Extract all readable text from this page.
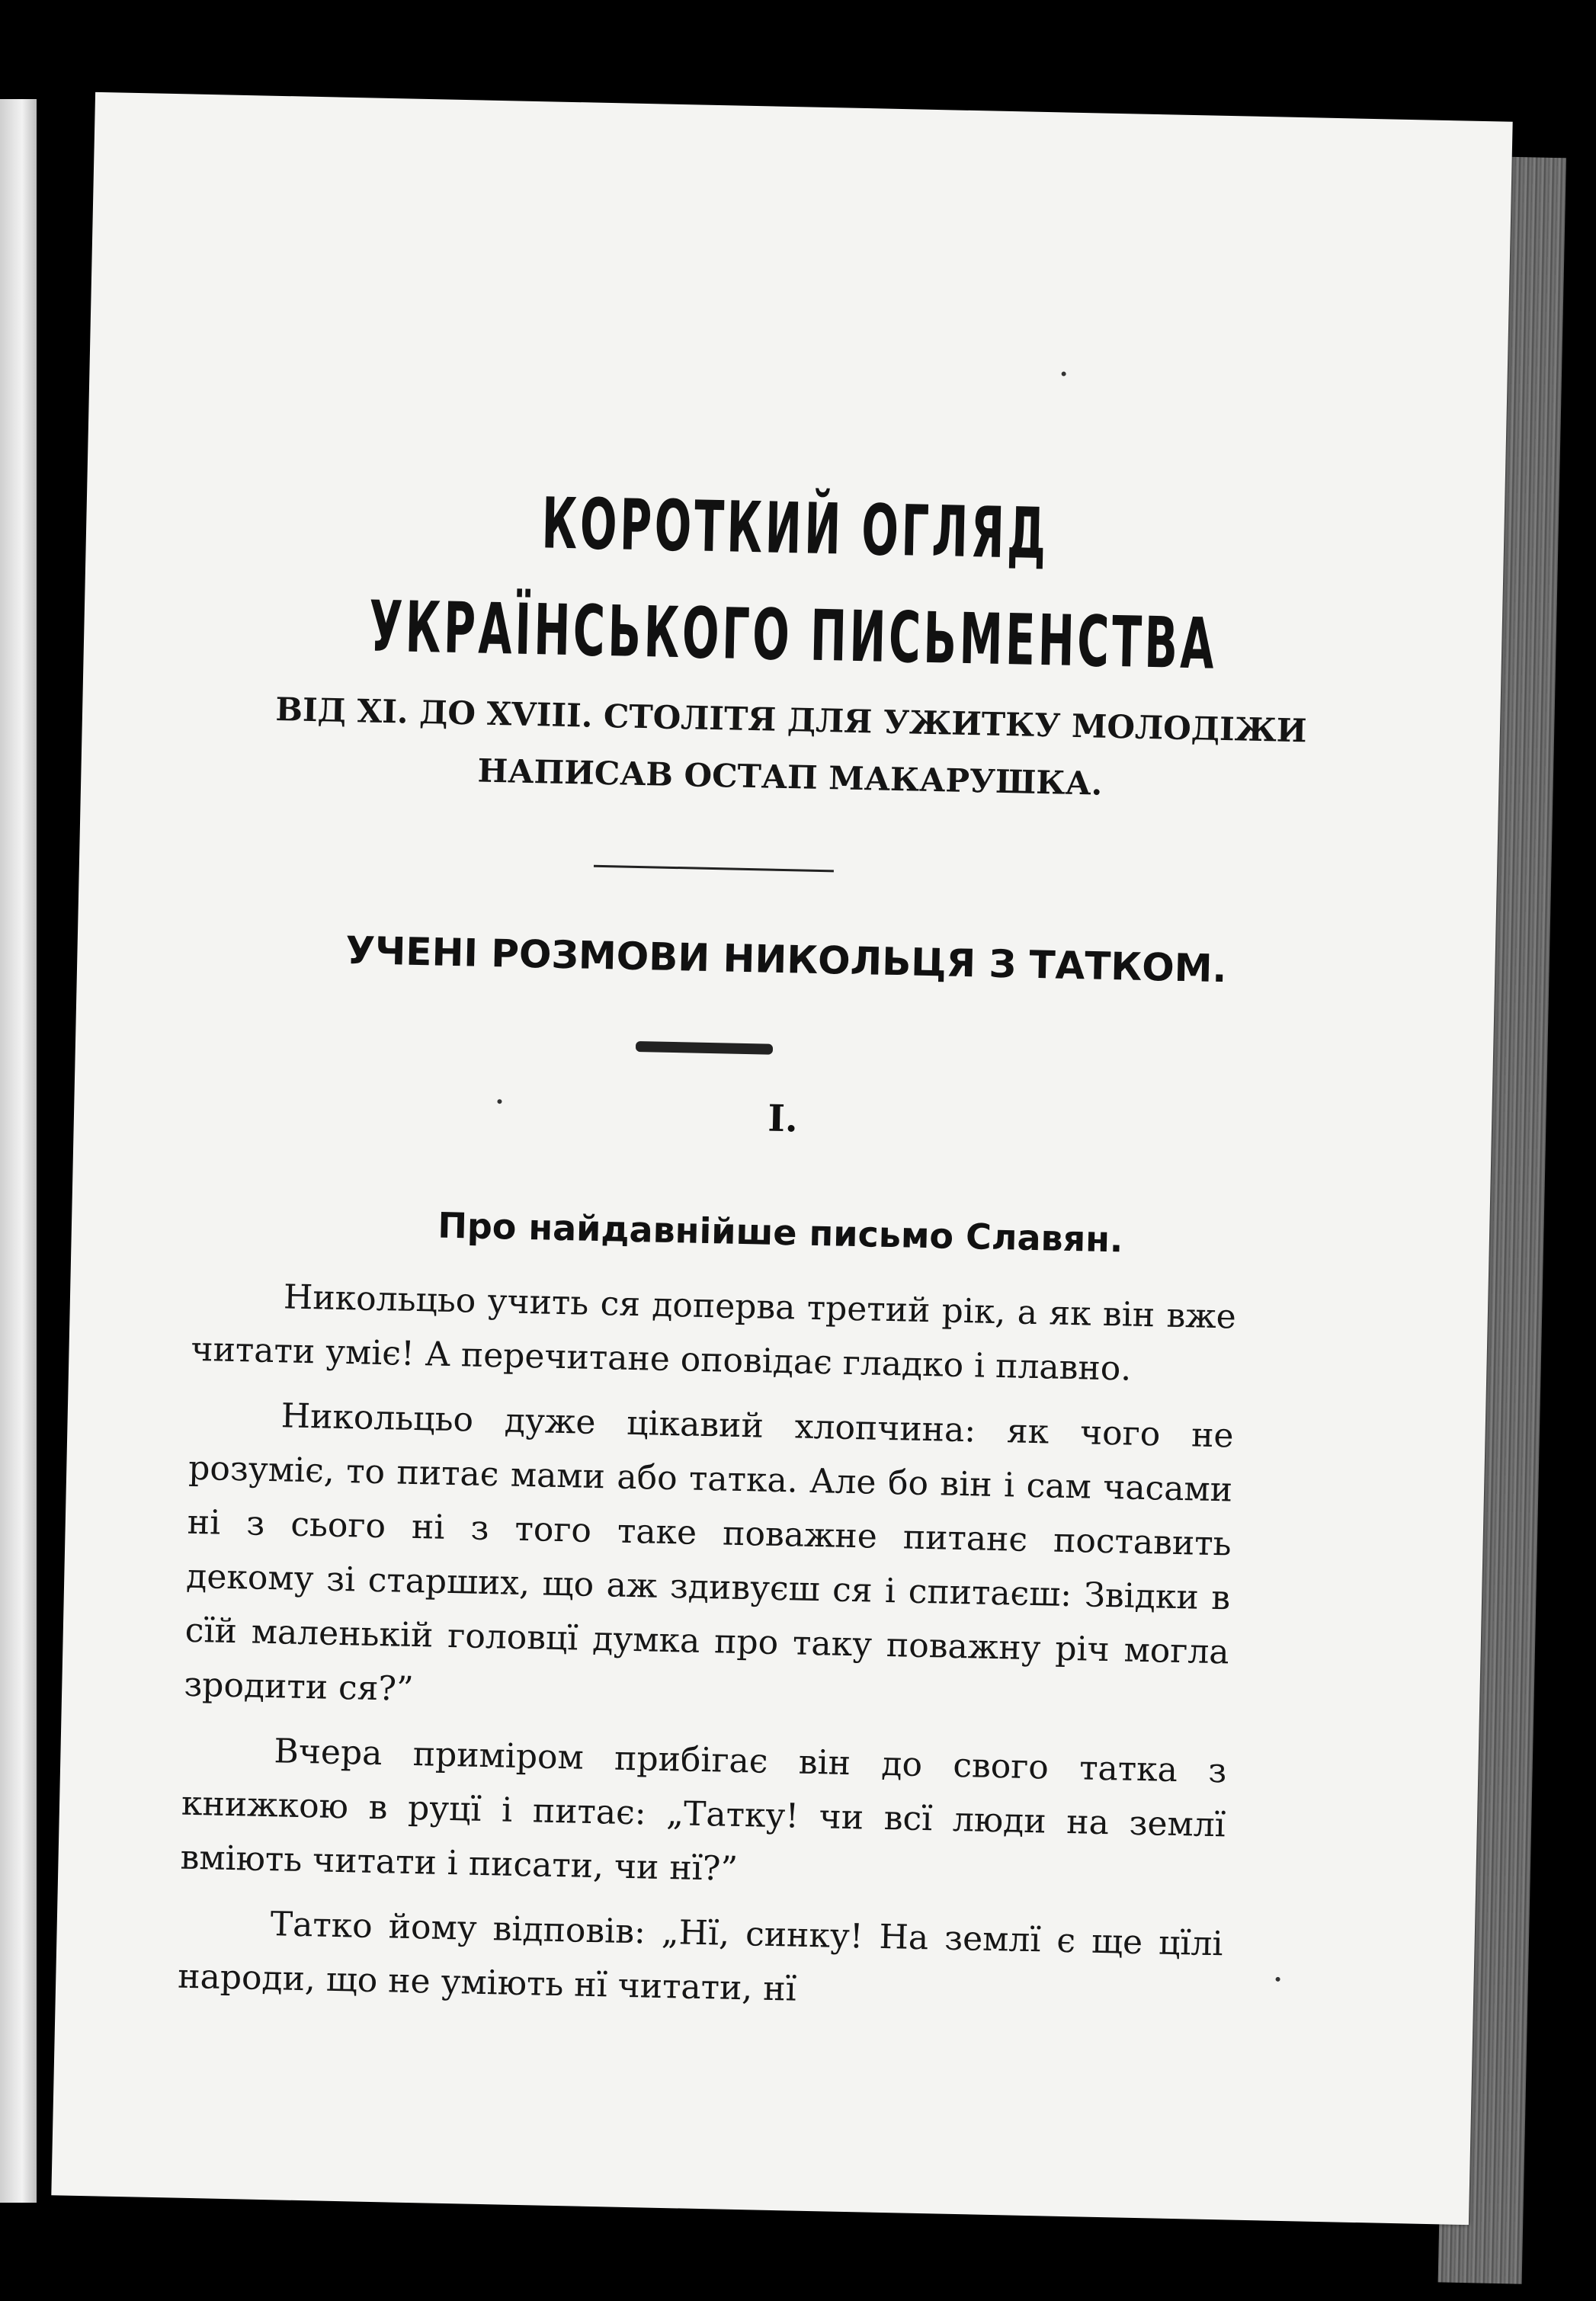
КОРОТКИЙ ОГЛЯД
УКРАЇНСЬКОГО ПИСЬМЕНСТВА
ВІД XI. ДО XVIII. СТОЛІТЯ ДЛЯ УЖИТКУ МОЛОДІЖИ
НАПИСАВ ОСТАП МАКАРУШКА.
УЧЕНІ РОЗМОВИ НИКОЛЬЦЯ З ТАТКОМ.
I.
Про найдавнійше письмо Славян.

Никольцьо учить ся доперва третий рік, а як він вже читати уміє! А перечитане оповідає гладко і плавно.

Никольцьо дуже цікавий хлопчина: як чого не розуміє, то питає мами або татка. Але бо він і сам часами ні з сього ні з того таке поважне питанє поставить декому зі старших, що аж здивуєш ся і спитаєш: Звідки в сїй маленькій головцї думка про таку поважну річ могла зродити ся?”

Вчера примiром прибігає він до свого татка з книжкою в руцї і питає: „Татку! чи всї люди на землї вміють читати і писати, чи нї?”

Татко йому відповів: „Нї, синку! На землї є ще цїлі народи, що не уміють нї читати, нї
